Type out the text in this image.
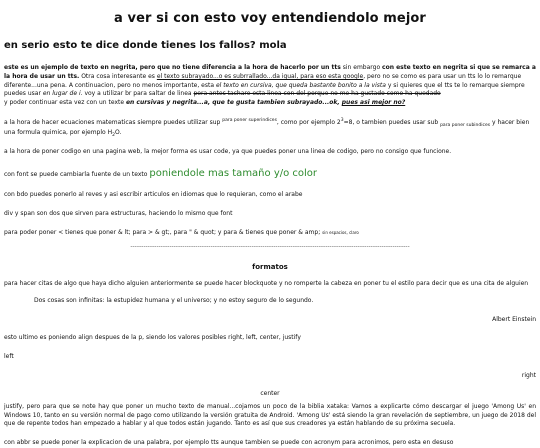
a ver si con esto voy entendiendolo mejor
en serio esto te dice donde tienes los fallos? mola

este es un ejemplo de texto en negrita, pero que no tiene diferencia a la hora de hacerlo por un tts sin embargo con este texto en negrita si que se remarca a la hora de usar un tts. Otra cosa interesante es el texto subrayado...o es subrrallado...da igual, para eso esta google, pero no se como es para usar un tts lo lo remarque diferente...una pena. A continuacion, pero no menos importante, esta el texto en cursiva, que queda bastante bonito a la vista y si quieres que el tts te lo remarque siempre puedes usar en lugar de i. voy a utilizar br para saltar de linea pera antes tachare esta linea con del porque no me ha gustado como ha quedado
y poder continuar esta vez con un texte en cursivas y negrita...a, que te gusta tambien subrayado...ok, pues asi mejor no?

a la hora de hacer ecuaciones matematicas siempre puedes utilizar sup $^{para poner superindices}$, como por ejemplo $2^3=8$, o tambien puedes usar sub $_{para poner subindices}$ y hacer bien una formula quimica, por ejemplo $H_2O$.

a la hora de poner codigo en una pagina web, la mejor forma es usar code, ya que puedes poner una linea de codigo, pero no consigo que funcione.

con font se puede cambiarla fuente de un texto poniendole mas tamaño y/o color

con bdo puedes ponerlo al reves y asi escribir articulos en idiomas que lo requieran, como el arabe

div y span son dos que sirven para estructuras, haciendo lo mismo que font

para poder poner < tienes que poner & lt; para > & gt;, para " & quot; y para & tienes que poner & amp; sin espacios, claro

---------------------------------------------------------------------------------------------------------------------------------
formatos

para hacer citas de algo que haya dicho alguien anteriormente se puede hacer blockquote y no romperte la cabeza en poner tu el estilo para decir que es una cita de alguien

Dos cosas son infinitas: la estupidez humana y el universo; y no estoy seguro de lo segundo.

Albert Einstein

esto ultimo es poniendo align despues de la p, siendo los valores posibles right, left, center, justify

left

right

center

justify, pero para que se note hay que poner un mucho texto de manual...cojamos un poco de la biblia xataka: Vamos a explicarte cómo descargar el juego 'Among Us' en Windows 10, tanto en su versión normal de pago como utilizando la versión gratuita de Android. 'Among Us' está siendo la gran revelación de septiembre, un juego de 2018 del que de repente todos han empezado a hablar y al que todos están jugando. Tanto es así que sus creadores ya están hablando de su próxima secuela.

con abbr se puede poner la explicacion de una palabra, por ejemplo tts aunque tambien se puede con acronym para acronimos, pero esta en desuso
